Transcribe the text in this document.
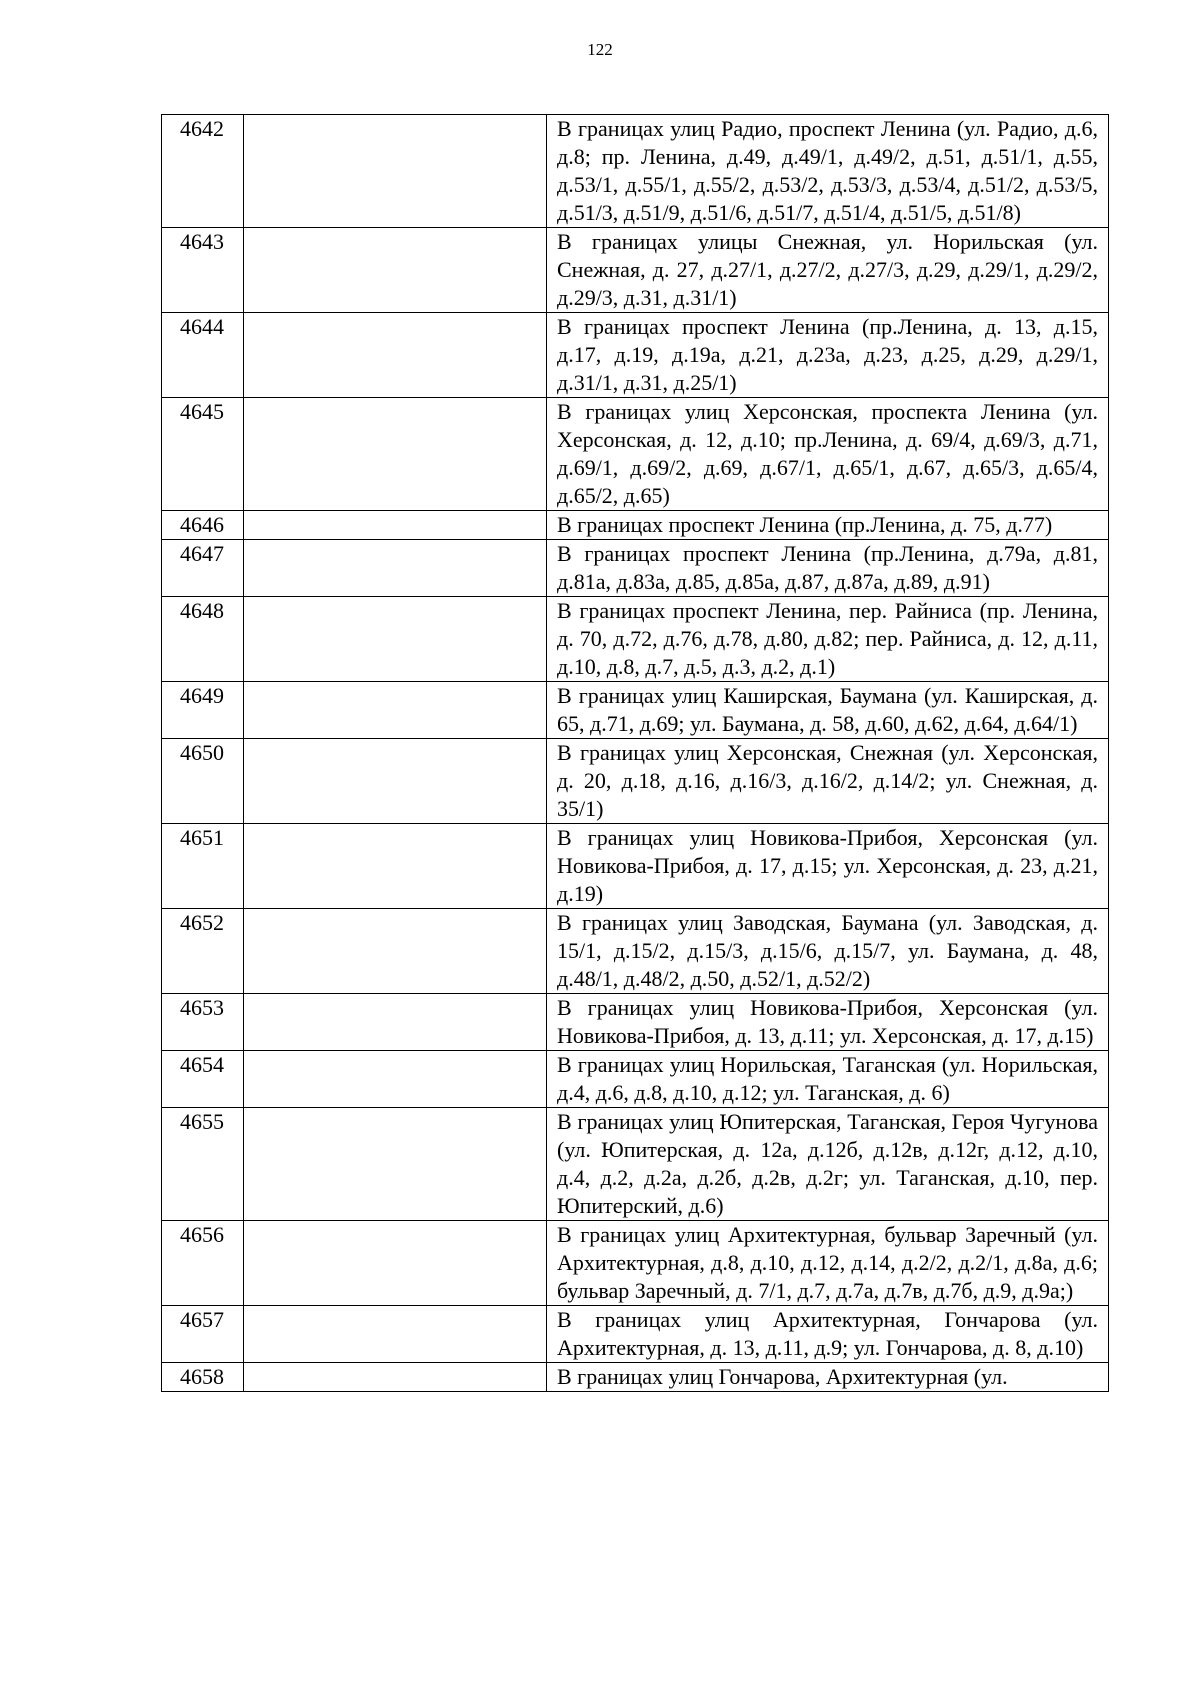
122
4642		В границах улиц Радио, проспект Ленина (ул. Радио, д.6, д.8; пр. Ленина, д.49, д.49/1, д.49/2, д.51, д.51/1, д.55, д.53/1, д.55/1, д.55/2, д.53/2, д.53/3, д.53/4, д.51/2, д.53/5, д.51/3, д.51/9, д.51/6, д.51/7, д.51/4, д.51/5, д.51/8)

4643		В границах улицы Снежная, ул. Норильская (ул. Снежная, д. 27, д.27/1, д.27/2, д.27/3, д.29, д.29/1, д.29/2, д.29/3, д.31, д.31/1)

4644		В границах проспект Ленина (пр.Ленина, д. 13, д.15, д.17, д.19, д.19а, д.21, д.23а, д.23, д.25, д.29, д.29/1, д.31/1, д.31, д.25/1)

4645		В границах улиц Херсонская, проспекта Ленина (ул. Херсонская, д. 12, д.10; пр.Ленина, д. 69/4, д.69/3, д.71, д.69/1, д.69/2, д.69, д.67/1, д.65/1, д.67, д.65/3, д.65/4, д.65/2, д.65)

4646		В границах проспект Ленина (пр.Ленина, д. 75, д.77)

4647		В границах проспект Ленина (пр.Ленина, д.79а, д.81, д.81а, д.83а, д.85, д.85а, д.87, д.87а, д.89, д.91)

4648		В границах проспект Ленина, пер. Райниса (пр. Ленина, д. 70, д.72, д.76, д.78, д.80, д.82; пер. Райниса, д. 12, д.11, д.10, д.8, д.7, д.5, д.3, д.2, д.1)

4649		В границах улиц Каширская, Баумана (ул. Каширская, д. 65, д.71, д.69; ул. Баумана, д. 58, д.60, д.62, д.64, д.64/1)

4650		В границах улиц Херсонская, Снежная (ул. Херсонская, д. 20, д.18, д.16, д.16/3, д.16/2, д.14/2; ул. Снежная, д. 35/1)

4651		В границах улиц Новикова-Прибоя, Херсонская (ул. Новикова-Прибоя, д. 17, д.15; ул. Херсонская, д. 23, д.21, д.19)

4652		В границах улиц Заводская, Баумана (ул. Заводская, д. 15/1, д.15/2, д.15/3, д.15/6, д.15/7, ул. Баумана, д. 48, д.48/1, д.48/2, д.50, д.52/1, д.52/2)

4653		В границах улиц Новикова-Прибоя, Херсонская (ул. Новикова-Прибоя, д. 13, д.11; ул. Херсонская, д. 17, д.15)

4654		В границах улиц Норильская, Таганская (ул. Норильская, д.4, д.6, д.8, д.10, д.12; ул. Таганская, д. 6)

4655		В границах улиц Юпитерская, Таганская, Героя Чугунова (ул. Юпитерская, д. 12а, д.12б, д.12в, д.12г, д.12, д.10, д.4, д.2, д.2а, д.2б, д.2в, д.2г; ул. Таганская, д.10, пер. Юпитерский, д.6)

4656		В границах улиц Архитектурная, бульвар Заречный (ул. Архитектурная, д.8, д.10, д.12, д.14, д.2/2, д.2/1, д.8а, д.6; бульвар Заречный, д. 7/1, д.7, д.7а, д.7в, д.7б, д.9, д.9а;)

4657		В границах улиц Архитектурная, Гончарова (ул. Архитектурная, д. 13, д.11, д.9; ул. Гончарова, д. 8, д.10)

4658		В границах улиц Гончарова, Архитектурная (ул.
